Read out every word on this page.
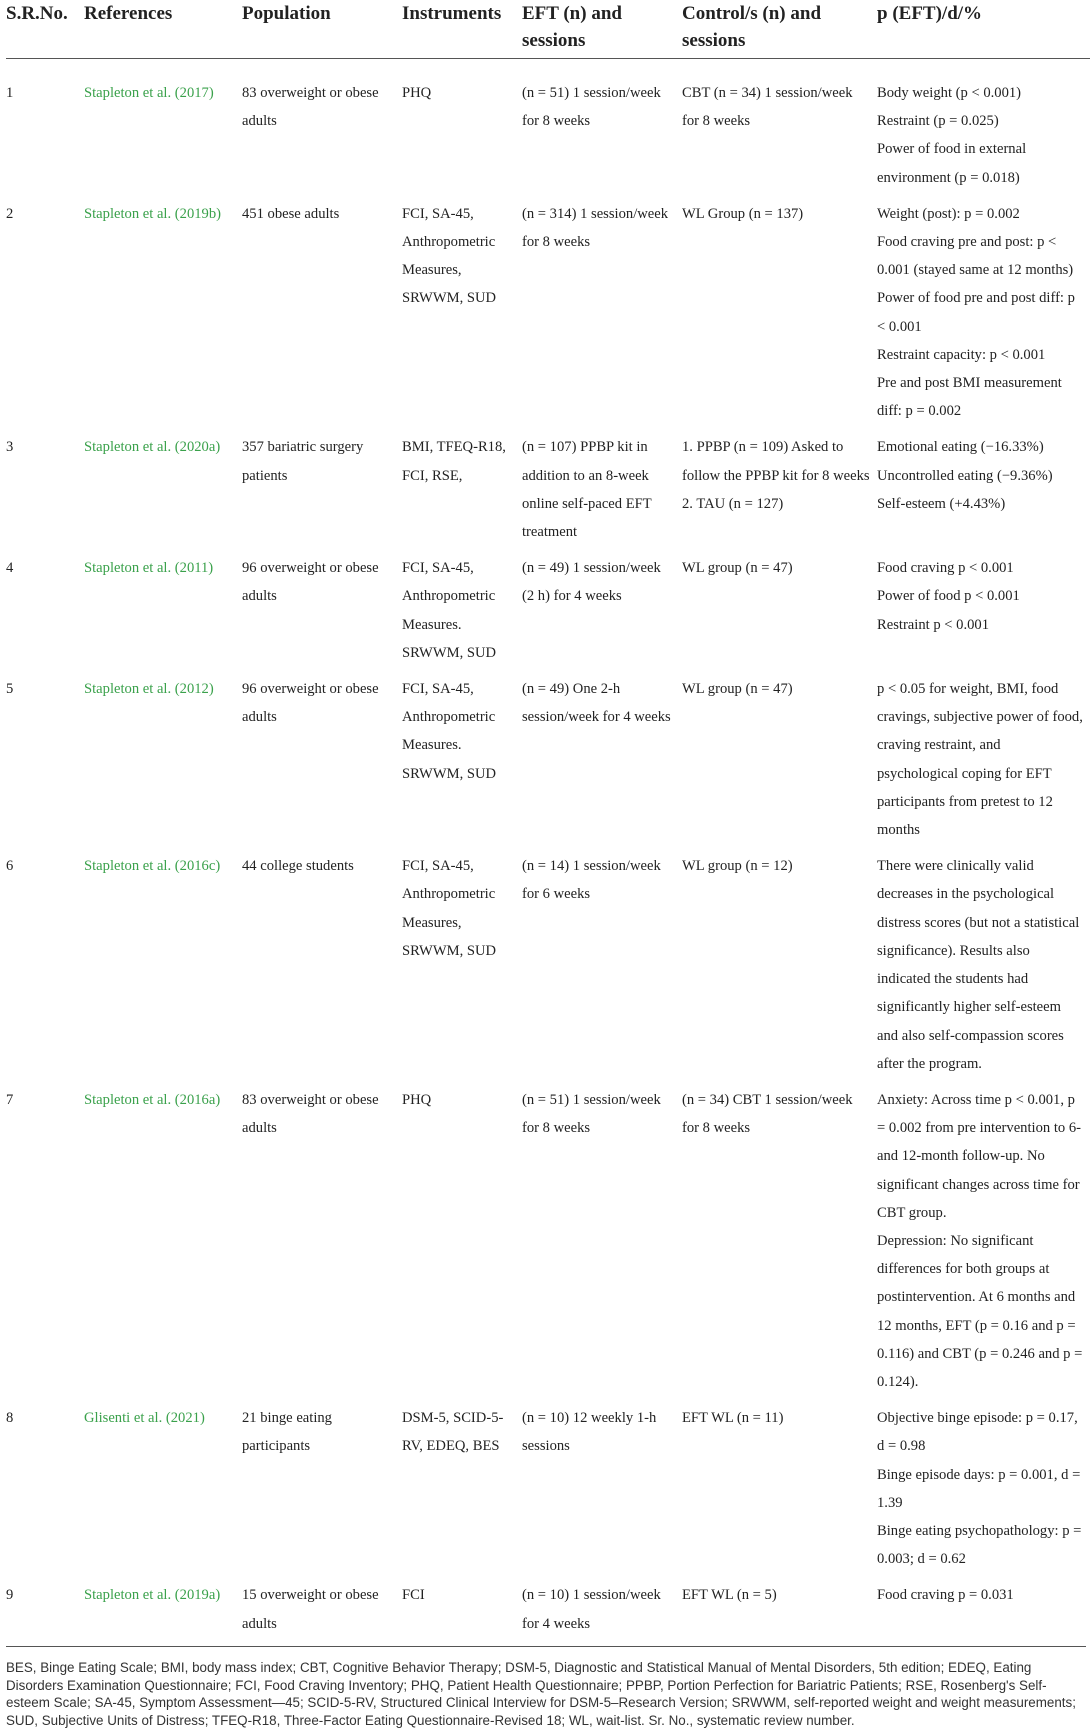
S.R.No.	References	Population	Instruments	EFT (n) and sessions	Control/s (n) and sessions	p (EFT)/d/%
1	Stapleton et al. (2017)	83 overweight or obese adults	PHQ	(n = 51) 1 session/week for 8 weeks	CBT (n = 34) 1 session/week for 8 weeks	Body weight (p < 0.001)
Restraint (p = 0.025)
Power of food in external environment (p = 0.018)

2	Stapleton et al. (2019b)	451 obese adults	FCI, SA-45, Anthropometric Measures, SRWWM, SUD	(n = 314) 1 session/week for 8 weeks	WL Group (n = 137)	Weight (post): p = 0.002
Food craving pre and post: p < 0.001 (stayed same at 12 months)
Power of food pre and post diff: p < 0.001
Restraint capacity: p < 0.001
Pre and post BMI measurement diff: p = 0.002

3	Stapleton et al. (2020a)	357 bariatric surgery patients	BMI, TFEQ-R18, FCI, RSE,	(n = 107) PPBP kit in addition to an 8-week online self-paced EFT treatment	1. PPBP (n = 109) Asked to follow the PPBP kit for 8 weeks 2. TAU (n = 127)	Emotional eating (−16.33%)
Uncontrolled eating (−9.36%)
Self-esteem (+4.43%)

4	Stapleton et al. (2011)	96 overweight or obese adults	FCI, SA-45, Anthropometric Measures. SRWWM, SUD	(n = 49) 1 session/week (2 h) for 4 weeks	WL group (n = 47)	Food craving p < 0.001
Power of food p < 0.001
Restraint p < 0.001

5	Stapleton et al. (2012)	96 overweight or obese adults	FCI, SA-45, Anthropometric Measures. SRWWM, SUD	(n = 49) One 2-h session/week for 4 weeks	WL group (n = 47)	p < 0.05 for weight, BMI, food cravings, subjective power of food, craving restraint, and psychological coping for EFT participants from pretest to 12 months

6	Stapleton et al. (2016c)	44 college students	FCI, SA-45, Anthropometric Measures, SRWWM, SUD	(n = 14) 1 session/week for 6 weeks	WL group (n = 12)	There were clinically valid decreases in the psychological distress scores (but not a statistical significance). Results also indicated the students had significantly higher self-esteem and also self-compassion scores after the program.

7	Stapleton et al. (2016a)	83 overweight or obese adults	PHQ	(n = 51) 1 session/week for 8 weeks	(n = 34) CBT 1 session/week for 8 weeks	Anxiety: Across time p < 0.001, p = 0.002 from pre intervention to 6- and 12-month follow-up. No significant changes across time for CBT group.
Depression: No significant differences for both groups at postintervention. At 6 months and 12 months, EFT (p = 0.16 and p = 0.116) and CBT (p = 0.246 and p = 0.124).

8	Glisenti et al. (2021)	21 binge eating participants	DSM-5, SCID-5-RV, EDEQ, BES	(n = 10) 12 weekly 1-h sessions	EFT WL (n = 11)	Objective binge episode: p = 0.17, d = 0.98
Binge episode days: p = 0.001, d = 1.39
Binge eating psychopathology: p = 0.003; d = 0.62

9	Stapleton et al. (2019a)	15 overweight or obese adults	FCI	(n = 10) 1 session/week for 4 weeks	EFT WL (n = 5)	Food craving p = 0.031
BES, Binge Eating Scale; BMI, body mass index; CBT, Cognitive Behavior Therapy; DSM-5, Diagnostic and Statistical Manual of Mental Disorders, 5th edition; EDEQ, Eating Disorders Examination Questionnaire; FCI, Food Craving Inventory; PHQ, Patient Health Questionnaire; PPBP, Portion Perfection for Bariatric Patients; RSE, Rosenberg's Self-esteem Scale; SA-45, Symptom Assessment—45; SCID-5-RV, Structured Clinical Interview for DSM-5–Research Version; SRWWM, self-reported weight and weight measurements; SUD, Subjective Units of Distress; TFEQ-R18, Three-Factor Eating Questionnaire-Revised 18; WL, wait-list. Sr. No., systematic review number.
